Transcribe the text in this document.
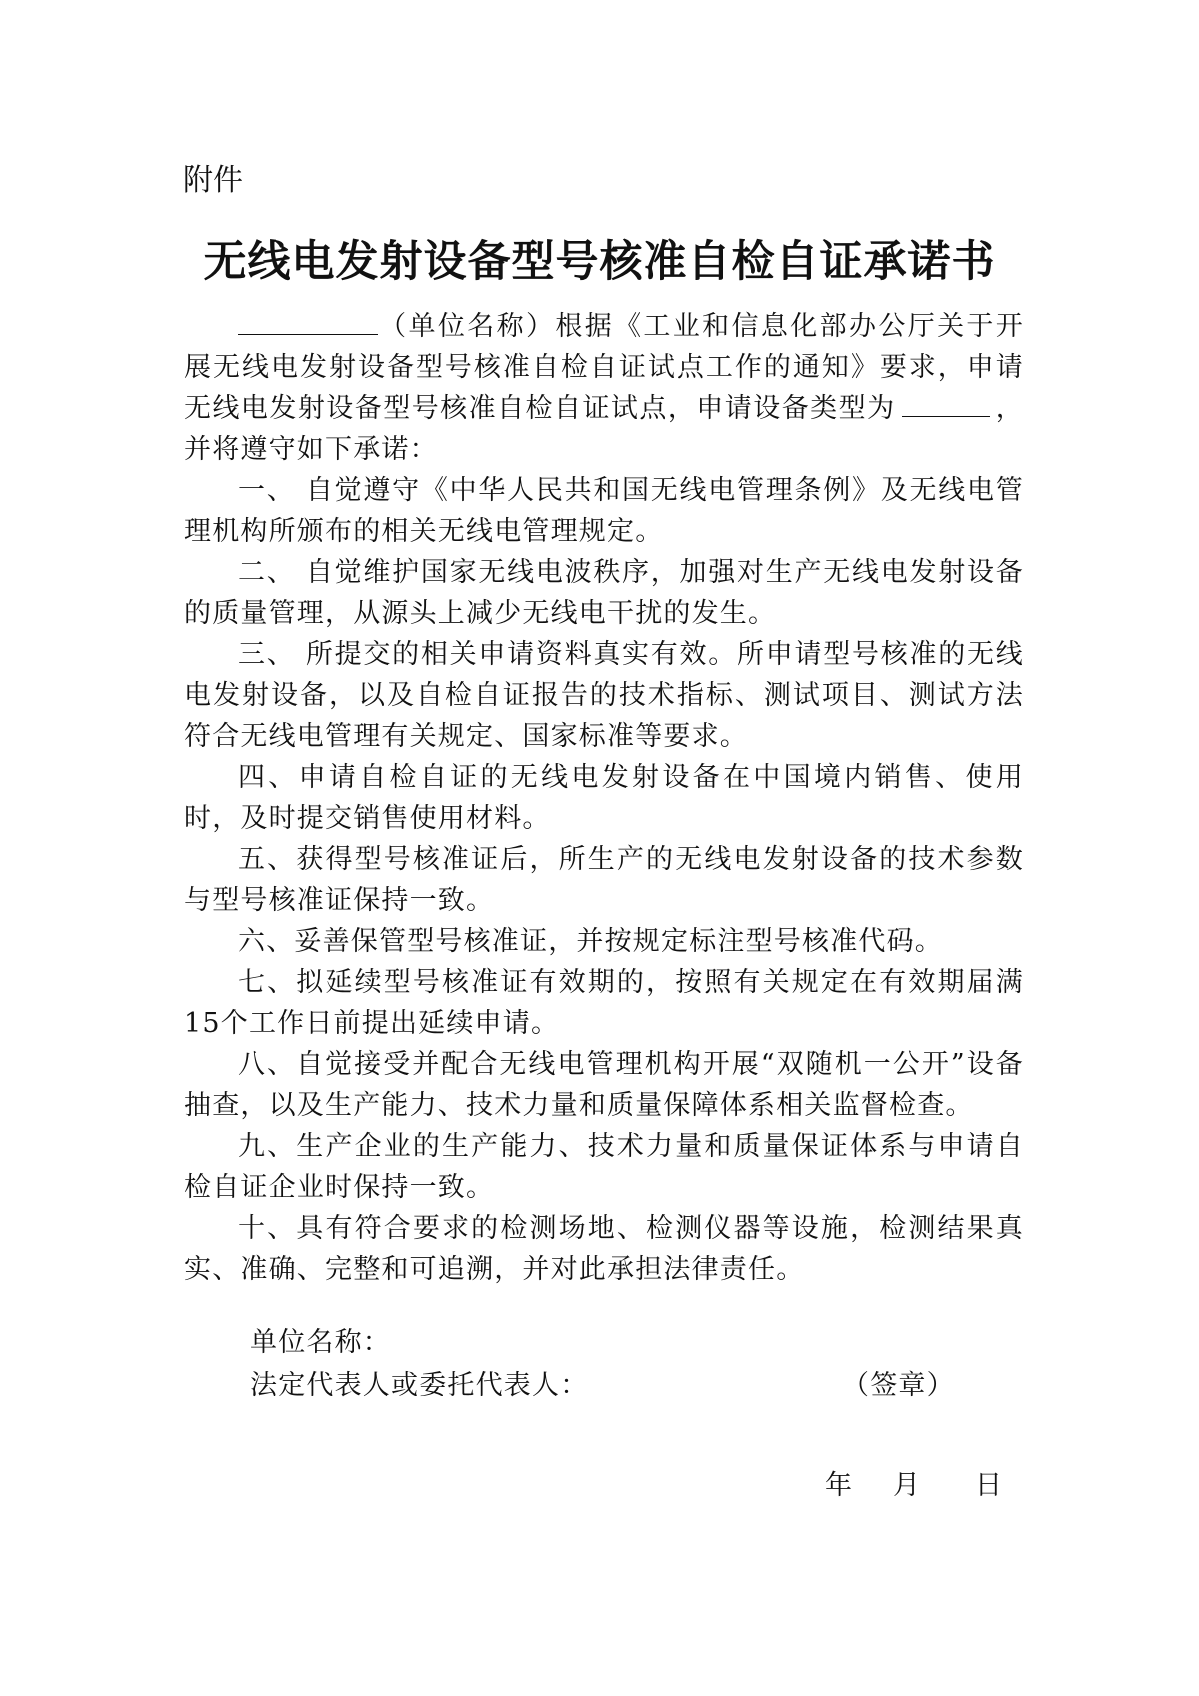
附件
无线电发射设备型号核准自检自证承诺书

（单位名称）根据《工业和信息化部办公厅关于开展无线电发射设备型号核准自检自证试点工作的通知》要求，申请无线电发射设备型号核准自检自证试点，申请设备类型为	，并将遵守如下承诺：

一、 自觉遵守《中华人民共和国无线电管理条例》及无线电管理机构所颁布的相关无线电管理规定。

二、 自觉维护国家无线电波秩序，加强对生产无线电发射设备的质量管理，从源头上减少无线电干扰的发生。

三、 所提交的相关申请资料真实有效。所申请型号核准的无线电发射设备，以及自检自证报告的技术指标、测试项目、测试方法符合无线电管理有关规定、国家标准等要求。

四、申请自检自证的无线电发射设备在中国境内销售、使用时，及时提交销售使用材料。

五、获得型号核准证后，所生产的无线电发射设备的技术参数与型号核准证保持一致。

六、妥善保管型号核准证，并按规定标注型号核准代码。

七、拟延续型号核准证有效期的，按照有关规定在有效期届满15个工作日前提出延续申请。

八、自觉接受并配合无线电管理机构开展“双随机一公开”设备抽查，以及生产能力、技术力量和质量保障体系相关监督检查。

九、生产企业的生产能力、技术力量和质量保证体系与申请自检自证企业时保持一致。

十、具有符合要求的检测场地、检测仪器等设施，检测结果真实、准确、完整和可追溯，并对此承担法律责任。

单位名称：
法定代表人或委托代表人：	（签章）
年 月 日
